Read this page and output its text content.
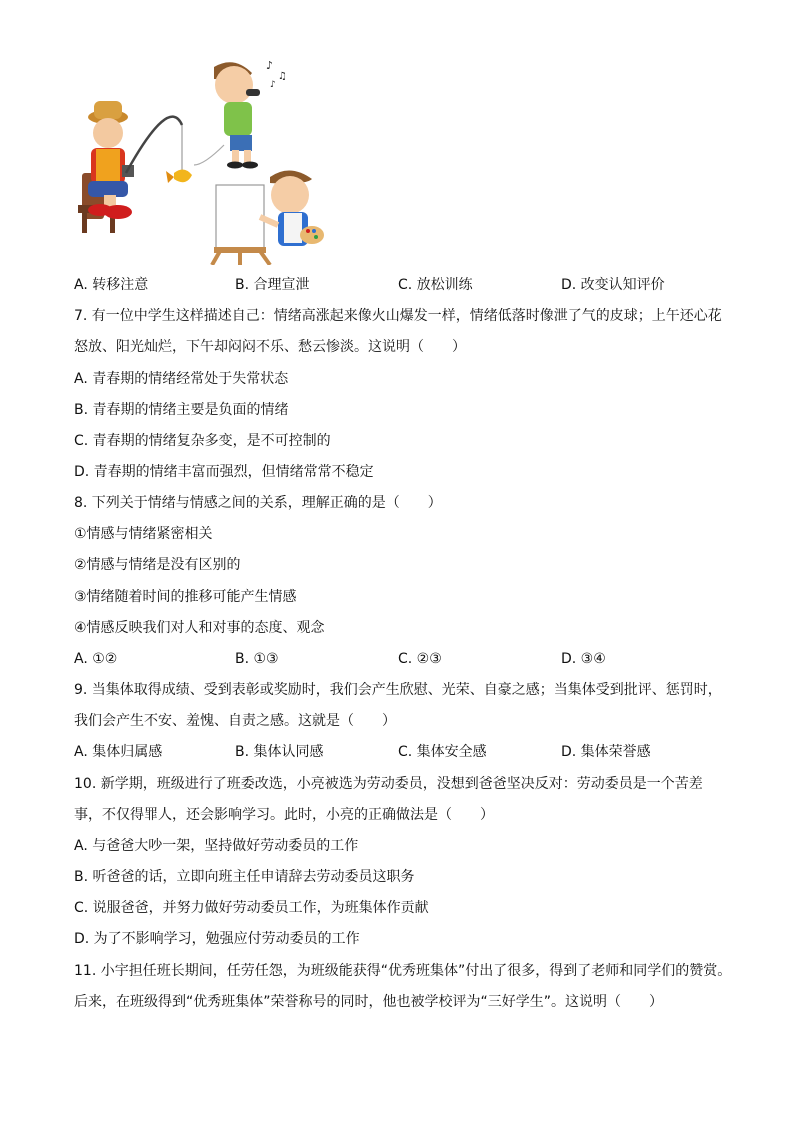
♪
♫
♪
A. 转移注意	B. 合理宣泄	C. 放松训练	D. 改变认知评价
7. 有一位中学生这样描述自己：情绪高涨起来像火山爆发一样，情绪低落时像泄了气的皮球；上午还心花
怒放、阳光灿烂，下午却闷闷不乐、愁云惨淡。这说明（　　）
A. 青春期的情绪经常处于失常状态
B. 青春期的情绪主要是负面的情绪
C. 青春期的情绪复杂多变，是不可控制的
D. 青春期的情绪丰富而强烈，但情绪常常不稳定
8. 下列关于情绪与情感之间的关系，理解正确的是（　　）
①情感与情绪紧密相关
②情感与情绪是没有区别的
③情绪随着时间的推移可能产生情感
④情感反映我们对人和对事的态度、观念
A. ①②	B. ①③	C. ②③	D. ③④
9. 当集体取得成绩、受到表彰或奖励时，我们会产生欣慰、光荣、自豪之感；当集体受到批评、惩罚时，
我们会产生不安、羞愧、自责之感。这就是（　　）
A. 集体归属感	B. 集体认同感	C. 集体安全感	D. 集体荣誉感
10. 新学期，班级进行了班委改选，小亮被选为劳动委员，没想到爸爸坚决反对：劳动委员是一个苦差
事，不仅得罪人，还会影响学习。此时，小亮的正确做法是（　　）
A. 与爸爸大吵一架，坚持做好劳动委员的工作
B. 听爸爸的话，立即向班主任申请辞去劳动委员这职务
C. 说服爸爸，并努力做好劳动委员工作，为班集体作贡献
D. 为了不影响学习，勉强应付劳动委员的工作
11. 小宇担任班长期间，任劳任怨，为班级能获得“优秀班集体”付出了很多，得到了老师和同学们的赞赏。
后来，在班级得到“优秀班集体”荣誉称号的同时，他也被学校评为“三好学生”。这说明（　　）
